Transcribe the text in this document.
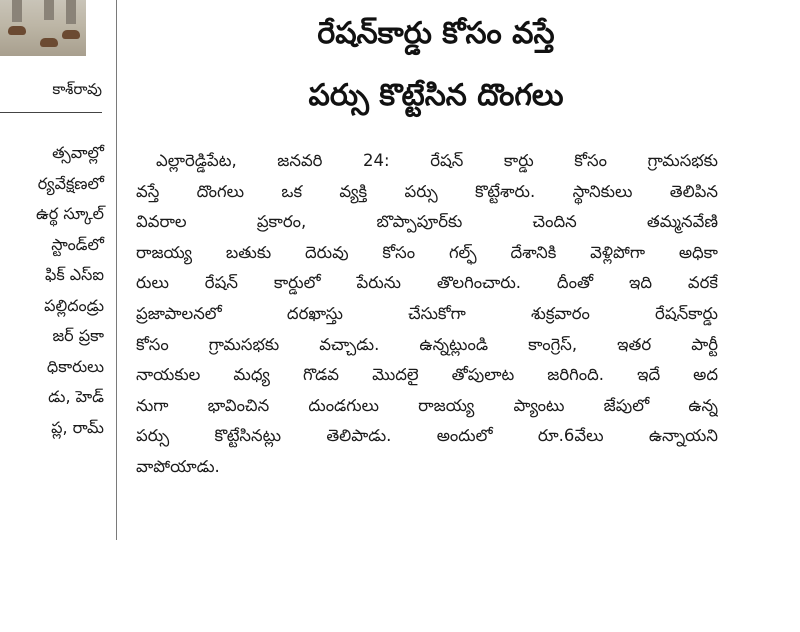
కాశ్‌రావు
త్సవాల్లో
ర్యవేక్షణలో
ఉర్థ స్కూల్
స్టాండ్‌లో
ఫిక్ ఎస్ఐ
పల్లిదండ్రు
జర్ ప్రకా
ధికారులు
డు, హెడ్
ప్ల, రామ్
రేషన్‌కార్డు కోసం వస్తే
పర్సు కొట్టేసిన దొంగలు
ఎల్లారెడ్డిపేట, జనవరి 24: రేషన్ కార్డు కోసం గ్రామసభకు
వస్తే దొంగలు ఒక వ్యక్తి పర్సు కొట్టేశారు. స్థానికులు తెలిపిన
వివరాల ప్రకారం, బొప్పాపూర్‌కు చెందిన తమ్మనవేణి
రాజయ్య బతుకు దెరువు కోసం గల్ఫ్ దేశానికి వెళ్లిపోగా అధికా
రులు రేషన్ కార్డులో పేరును తొలగించారు. దీంతో ఇది వరకే
ప్రజాపాలనలో దరఖాస్తు చేసుకోగా శుక్రవారం రేషన్‌కార్డు
కోసం గ్రామసభకు వచ్చాడు. ఉన్నట్లుండి కాంగ్రెస్, ఇతర పార్టీ
నాయకుల మధ్య గొడవ మొదలై తోపులాట జరిగింది. ఇదే అద
నుగా భావించిన దుండగులు రాజయ్య ప్యాంటు జేపులో ఉన్న
పర్సు కొట్టేసినట్లు తెలిపాడు. అందులో రూ.6వేలు ఉన్నాయని
వాపోయాడు.
